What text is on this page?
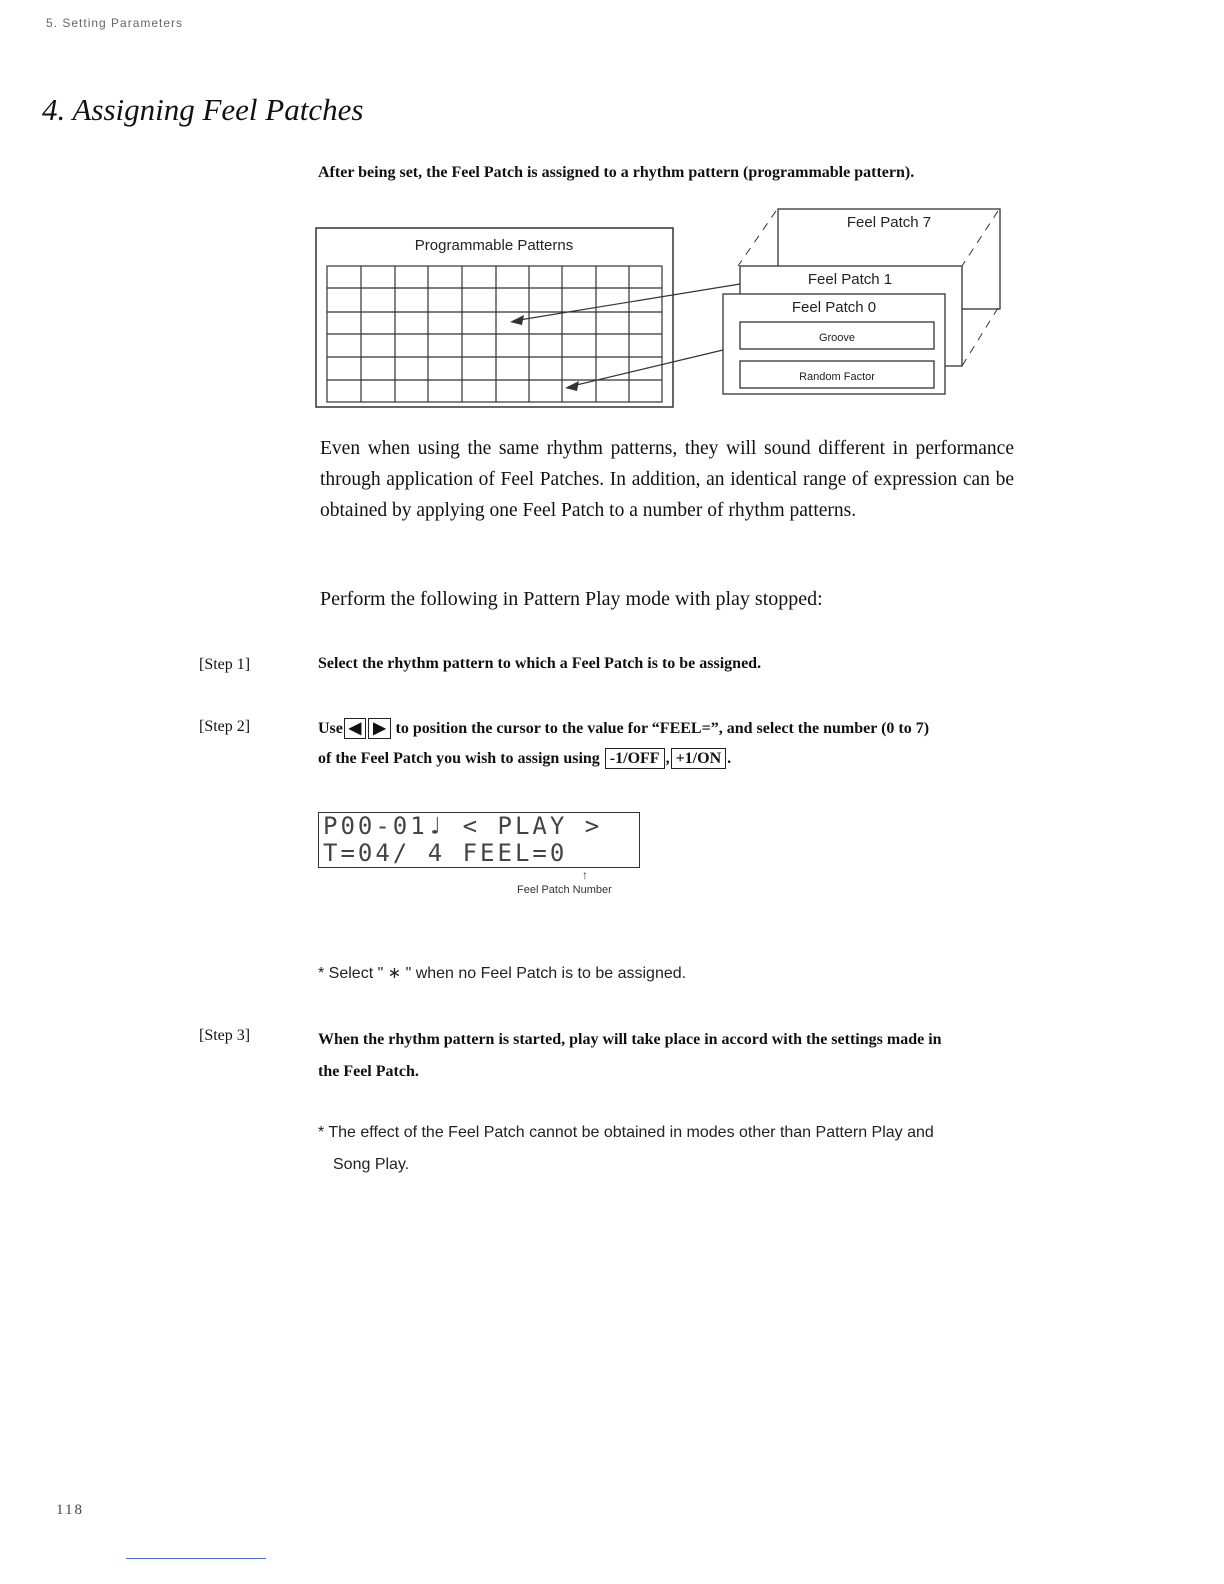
5. Setting Parameters
4. Assigning Feel Patches
After being set, the Feel Patch is assigned to a rhythm pattern (programmable pattern).
Programmable Patterns
Feel Patch 7
Feel Patch 1
Feel Patch 0
Groove
Random Factor
Even when using the same rhythm patterns, they will sound different in performance through application of Feel Patches. In addition, an identical range of expression can be obtained by applying one Feel Patch to a number of rhythm patterns.
Perform the following in Pattern Play mode with play stopped:
[Step 1]	Select the rhythm pattern to which a Feel Patch is to be assigned.
[Step 2]	Use ◀ ▶ to position the cursor to the value for “FEEL=”, and select the number (0 to 7)
of the Feel Patch you wish to assign using -1/OFF , +1/ON .
P00-01♩ < PLAY >
T=04/ 4 FEEL=0
↑
Feel Patch Number
* Select " ∗ " when no Feel Patch is to be assigned.
[Step 3]	When the rhythm pattern is started, play will take place in accord with the settings made in
the Feel Patch.
* The effect of the Feel Patch cannot be obtained in modes other than Pattern Play and
Song Play.
118
